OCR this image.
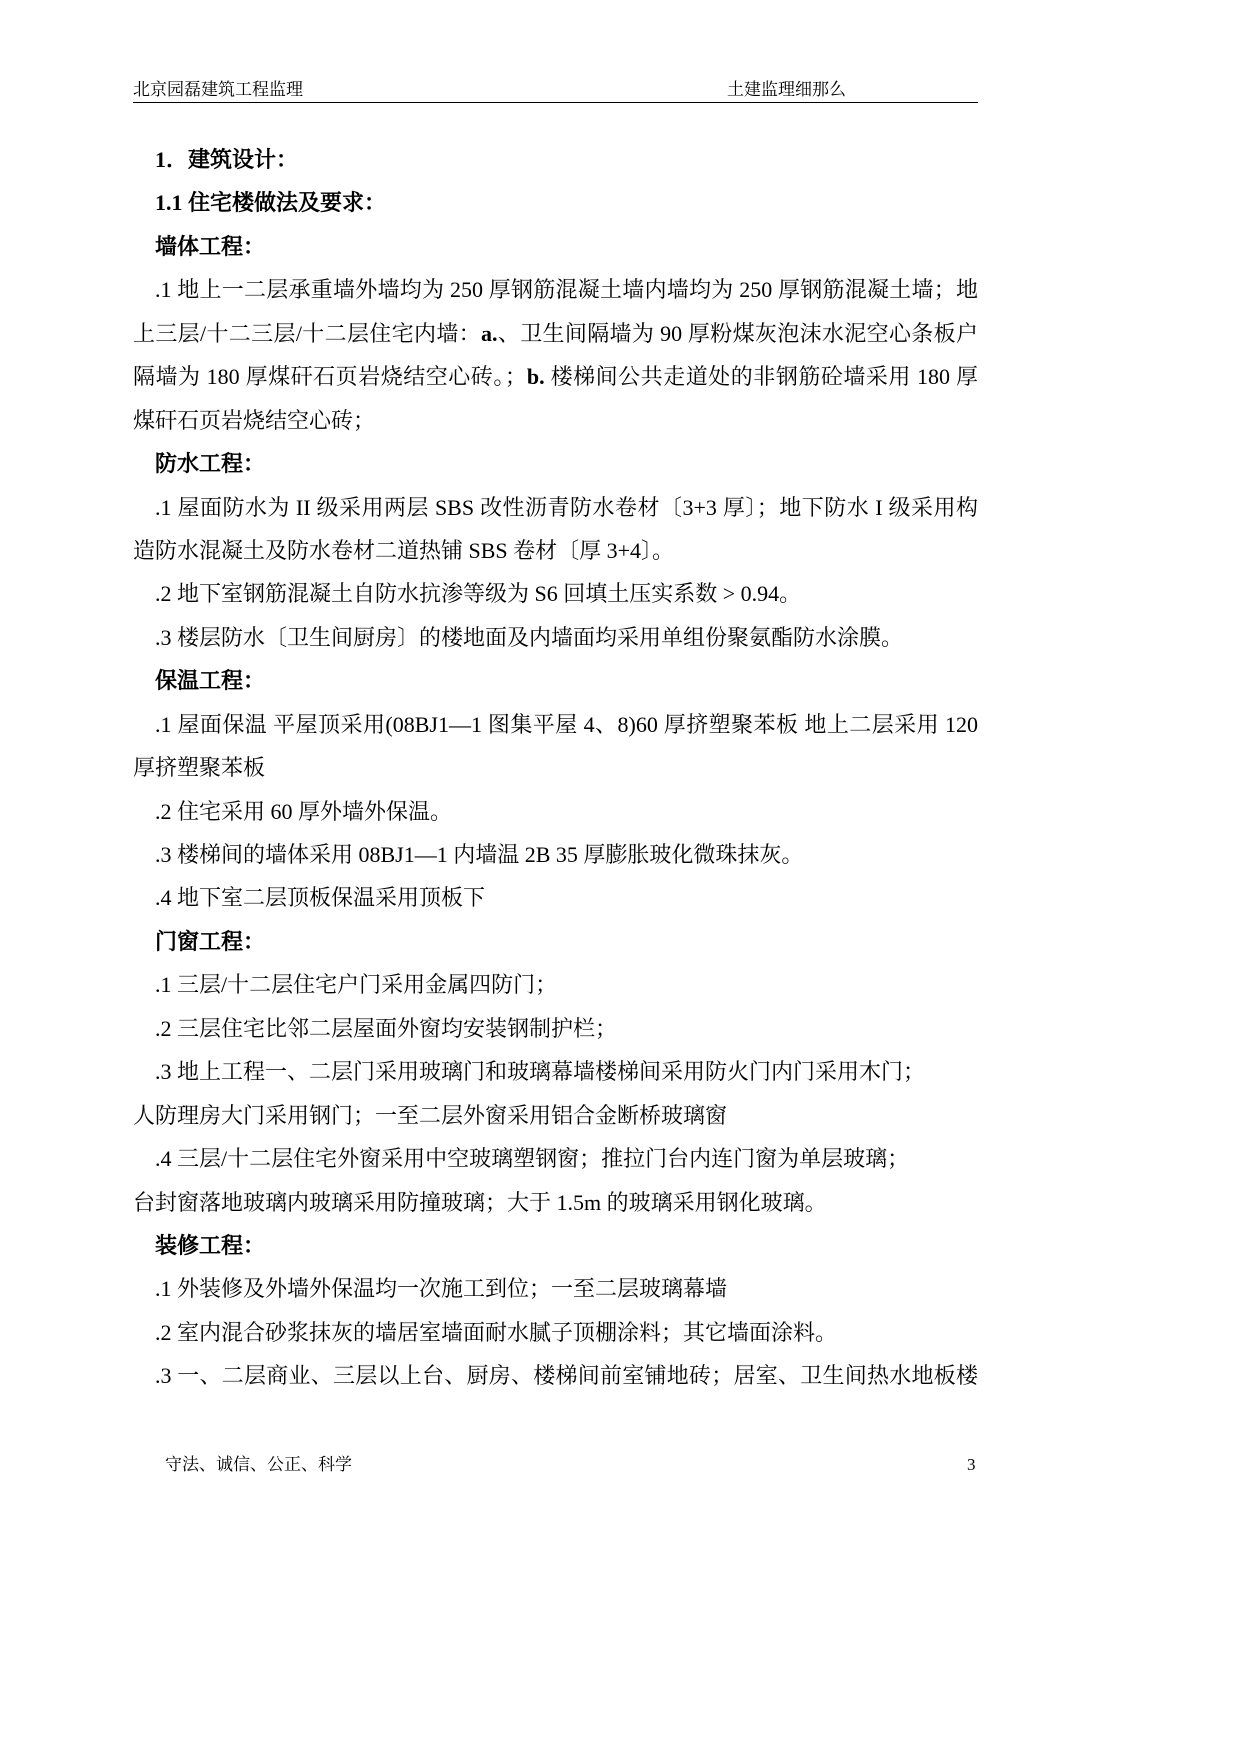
北京园磊建筑工程监理	土建监理细那么
1．建筑设计：
1.1 住宅楼做法及要求：
墙体工程：
.1 地上一二层承重墙外墙均为 250 厚钢筋混凝土墙内墙均为 250 厚钢筋混凝土墙；地
上三层/十二三层/十二层住宅内墙：a.、卫生间隔墙为 90 厚粉煤灰泡沫水泥空心条板户
隔墙为 180 厚煤矸石页岩烧结空心砖。；b. 楼梯间公共走道处的非钢筋砼墙采用 180 厚
煤矸石页岩烧结空心砖；
防水工程：
.1 屋面防水为 II 级采用两层 SBS 改性沥青防水卷材〔3+3 厚〕；地下防水 I 级采用构
造防水混凝土及防水卷材二道热铺 SBS 卷材〔厚 3+4〕。
.2 地下室钢筋混凝土自防水抗渗等级为 S6 回填土压实系数 > 0.94。
.3 楼层防水〔卫生间厨房〕的楼地面及内墙面均采用单组份聚氨酯防水涂膜。
保温工程：
.1 屋面保温 平屋顶采用(08BJ1—1 图集平屋 4、8)60 厚挤塑聚苯板 地上二层采用 120
厚挤塑聚苯板
.2 住宅采用 60 厚外墙外保温。
.3 楼梯间的墙体采用 08BJ1—1 内墙温 2B 35 厚膨胀玻化微珠抹灰。
.4 地下室二层顶板保温采用顶板下
门窗工程：
.1 三层/十二层住宅户门采用金属四防门；
.2 三层住宅比邻二层屋面外窗均安装钢制护栏；
.3 地上工程一、二层门采用玻璃门和玻璃幕墙楼梯间采用防火门内门采用木门；
人防理房大门采用钢门；一至二层外窗采用铝合金断桥玻璃窗
.4 三层/十二层住宅外窗采用中空玻璃塑钢窗；推拉门台内连门窗为单层玻璃；
台封窗落地玻璃内玻璃采用防撞玻璃；大于 1.5m 的玻璃采用钢化玻璃。
装修工程：
.1 外装修及外墙外保温均一次施工到位；一至二层玻璃幕墙
.2 室内混合砂浆抹灰的墙居室墙面耐水腻子顶棚涂料；其它墙面涂料。
.3 一、二层商业、三层以上台、厨房、楼梯间前室铺地砖；居室、卫生间热水地板楼
守法、诚信、公正、科学	3
